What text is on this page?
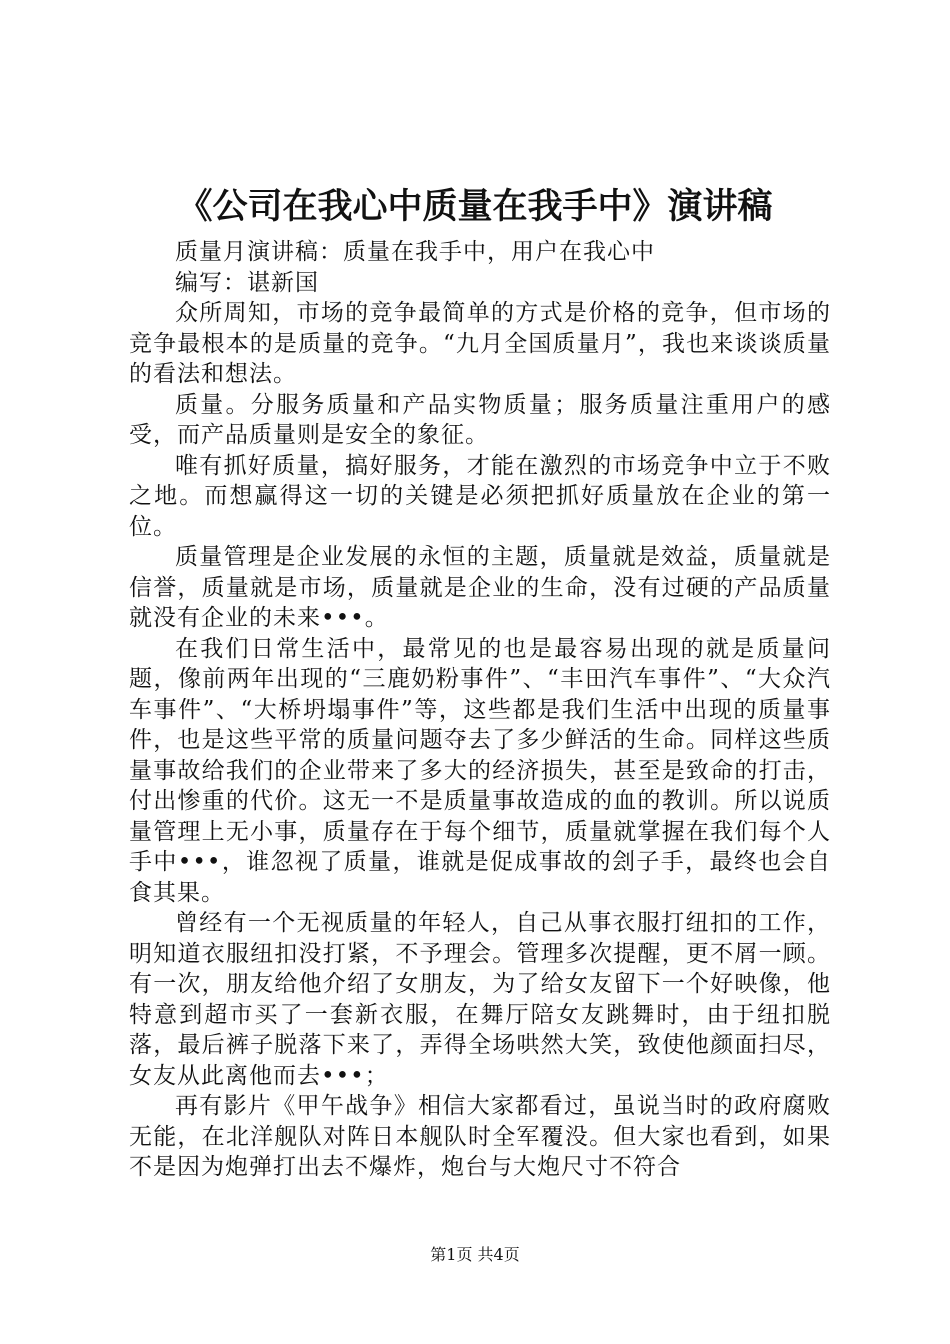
《公司在我心中质量在我手中》演讲稿

质量月演讲稿：质量在我手中，用户在我心中

编写：谌新国

众所周知，市场的竞争最简单的方式是价格的竞争，但市场的竞争最根本的是质量的竞争。“九月全国质量月”，我也来谈谈质量的看法和想法。

质量。分服务质量和产品实物质量；服务质量注重用户的感受，而产品质量则是安全的象征。

唯有抓好质量，搞好服务，才能在激烈的市场竞争中立于不败之地。而想赢得这一切的关键是必须把抓好质量放在企业的第一位。

质量管理是企业发展的永恒的主题，质量就是效益，质量就是信誉，质量就是市场，质量就是企业的生命，没有过硬的产品质量就没有企业的未来•••。

在我们日常生活中，最常见的也是最容易出现的就是质量问题，像前两年出现的“三鹿奶粉事件”、“丰田汽车事件”、“大众汽车事件”、“大桥坍塌事件”等，这些都是我们生活中出现的质量事件，也是这些平常的质量问题夺去了多少鲜活的生命。同样这些质量事故给我们的企业带来了多大的经济损失，甚至是致命的打击，付出惨重的代价。这无一不是质量事故造成的血的教训。所以说质量管理上无小事，质量存在于每个细节，质量就掌握在我们每个人手中•••，谁忽视了质量，谁就是促成事故的刽子手，最终也会自食其果。

曾经有一个无视质量的年轻人，自己从事衣服打纽扣的工作，明知道衣服纽扣没打紧，不予理会。管理多次提醒，更不屑一顾。有一次，朋友给他介绍了女朋友，为了给女友留下一个好映像，他特意到超市买了一套新衣服，在舞厅陪女友跳舞时，由于纽扣脱落，最后裤子脱落下来了，弄得全场哄然大笑，致使他颜面扫尽，女友从此离他而去•••；

再有影片《甲午战争》相信大家都看过，虽说当时的政府腐败无能，在北洋舰队对阵日本舰队时全军覆没。但大家也看到，如果不是因为炮弹打出去不爆炸，炮台与大炮尺寸不符合

第1页 共4页
